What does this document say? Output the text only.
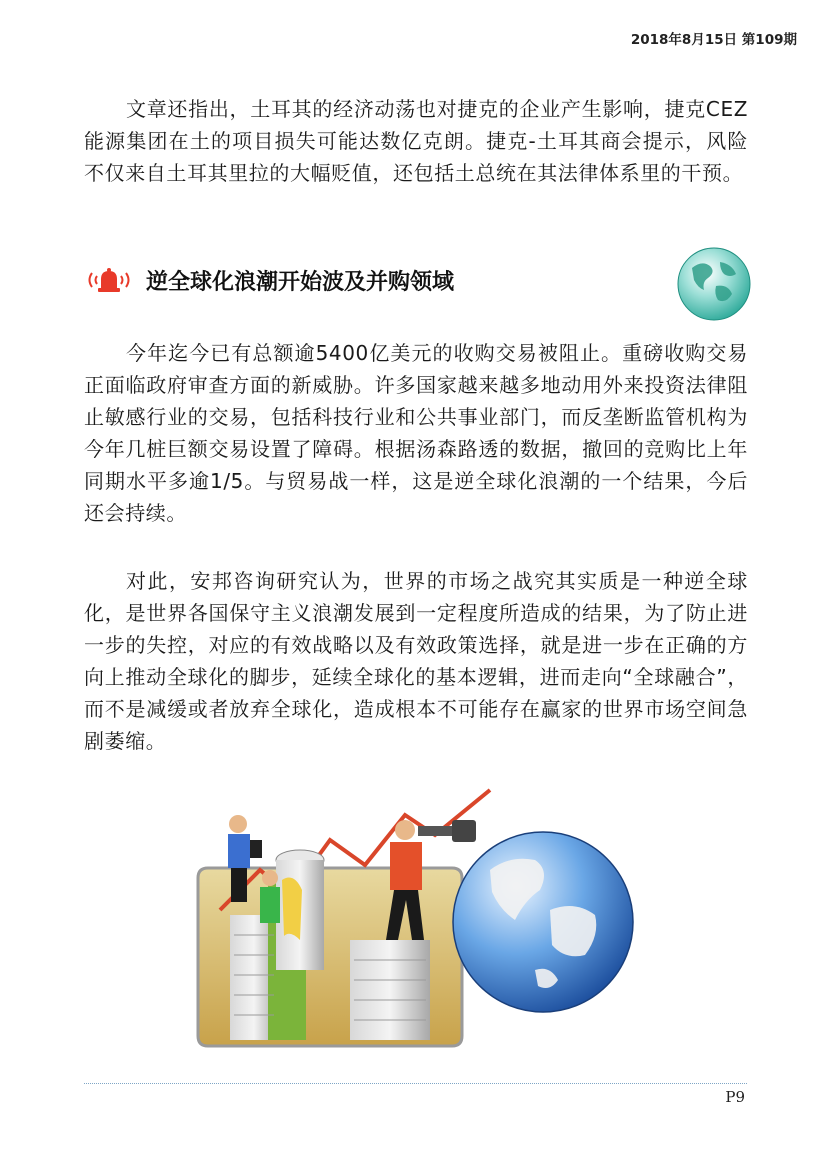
2018年8月15日 第109期

文章还指出，土耳其的经济动荡也对捷克的企业产生影响，捷克CEZ能源集团在土的项目损失可能达数亿克朗。捷克-土耳其商会提示，风险不仅来自土耳其里拉的大幅贬值，还包括土总统在其法律体系里的干预。

逆全球化浪潮开始波及并购领域

今年迄今已有总额逾5400亿美元的收购交易被阻止。重磅收购交易正面临政府审查方面的新威胁。许多国家越来越多地动用外来投资法律阻止敏感行业的交易，包括科技行业和公共事业部门，而反垄断监管机构为今年几桩巨额交易设置了障碍。根据汤森路透的数据，撤回的竞购比上年同期水平多逾1/5。与贸易战一样，这是逆全球化浪潮的一个结果，今后还会持续。

对此，安邦咨询研究认为，世界的市场之战究其实质是一种逆全球化，是世界各国保守主义浪潮发展到一定程度所造成的结果，为了防止进一步的失控，对应的有效战略以及有效政策选择，就是进一步在正确的方向上推动全球化的脚步，延续全球化的基本逻辑，进而走向“全球融合”，而不是减缓或者放弃全球化，造成根本不可能存在赢家的世界市场空间急剧萎缩。

P9
